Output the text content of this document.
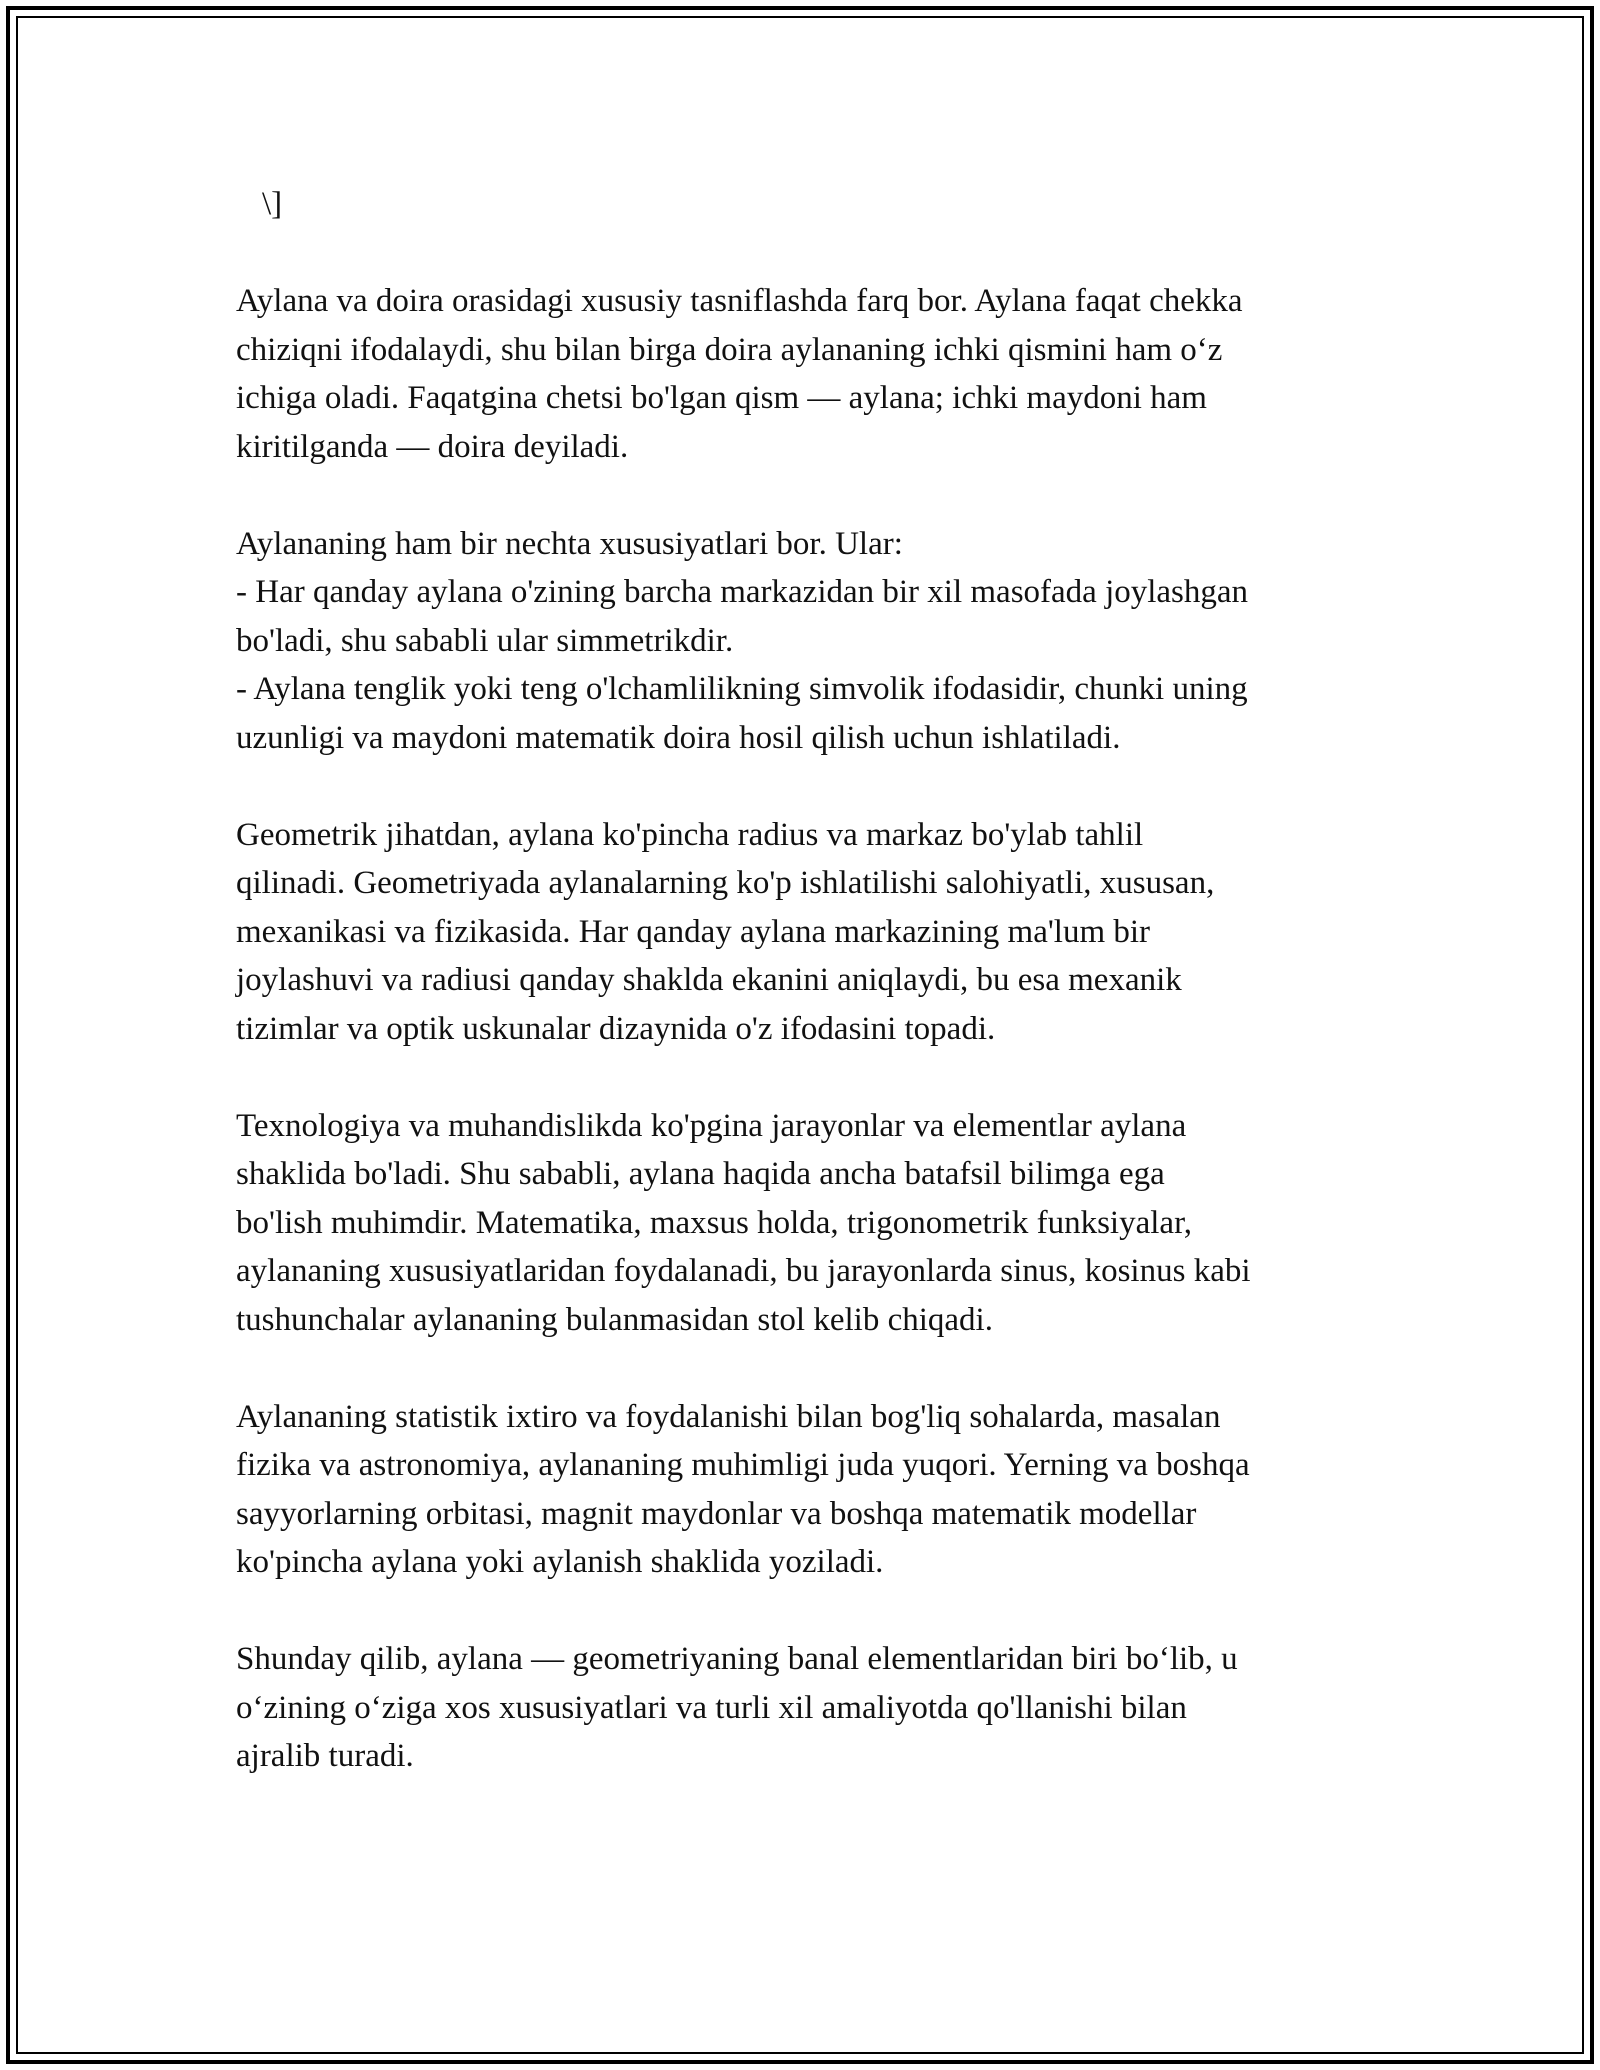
\]
Aylana va doira orasidagi xususiy tasniflashda farq bor. Aylana faqat chekka
chiziqni ifodalaydi, shu bilan birga doira aylananing ichki qismini ham o‘z
ichiga oladi. Faqatgina chetsi bo'lgan qism — aylana; ichki maydoni ham
kiritilganda — doira deyiladi.
Aylananing ham bir nechta xususiyatlari bor. Ular:
- Har qanday aylana o'zining barcha markazidan bir xil masofada joylashgan
bo'ladi, shu sababli ular simmetrikdir.
- Aylana tenglik yoki teng o'lchamlilikning simvolik ifodasidir, chunki uning
uzunligi va maydoni matematik doira hosil qilish uchun ishlatiladi.
Geometrik jihatdan, aylana ko'pincha radius va markaz bo'ylab tahlil
qilinadi. Geometriyada aylanalarning ko'p ishlatilishi salohiyatli, xususan,
mexanikasi va fizikasida. Har qanday aylana markazining ma'lum bir
joylashuvi va radiusi qanday shaklda ekanini aniqlaydi, bu esa mexanik
tizimlar va optik uskunalar dizaynida o'z ifodasini topadi.
Texnologiya va muhandislikda ko'pgina jarayonlar va elementlar aylana
shaklida bo'ladi. Shu sababli, aylana haqida ancha batafsil bilimga ega
bo'lish muhimdir. Matematika, maxsus holda, trigonometrik funksiyalar,
aylananing xususiyatlaridan foydalanadi, bu jarayonlarda sinus, kosinus kabi
tushunchalar aylananing bulanmasidan stol kelib chiqadi.
Aylananing statistik ixtiro va foydalanishi bilan bog'liq sohalarda, masalan
fizika va astronomiya, aylananing muhimligi juda yuqori. Yerning va boshqa
sayyorlarning orbitasi, magnit maydonlar va boshqa matematik modellar
ko'pincha aylana yoki aylanish shaklida yoziladi.
Shunday qilib, aylana — geometriyaning banal elementlaridan biri bo‘lib, u
o‘zining o‘ziga xos xususiyatlari va turli xil amaliyotda qo'llanishi bilan
ajralib turadi.
